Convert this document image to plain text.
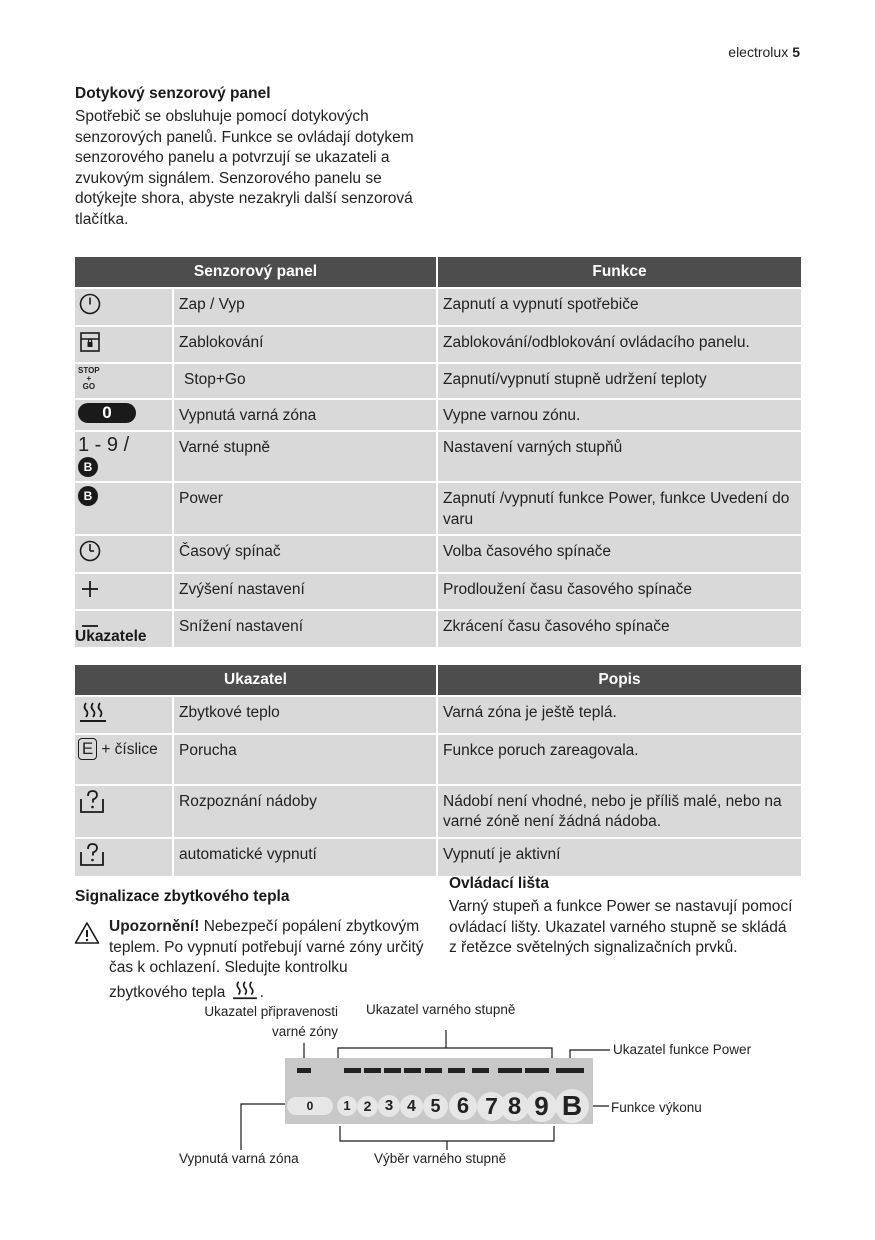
electrolux 5
Dotykový senzorový panel
Spotřebič se obsluhuje pomocí dotykových senzorových panelů. Funkce se ovládají dotykem senzorového panelu a potvrzují se ukazateli a zvukovým signálem. Senzorového panelu se dotýkejte shora, abyste nezakryli další senzorová tlačítka.
Senzorový panel		Funkce
	Zap / Vyp	Zapnutí a vypnutí spotřebiče
	Zablokování	Zablokování/odblokování ovládacího panelu.
STOP
+
GO	Stop+Go	Zapnutí/vypnutí stupně udržení teploty
0	Vypnutá varná zóna	Vypne varnou zónu.
1 - 9 /
B	Varné stupně	Nastavení varných stupňů
B	Power	Zapnutí /vypnutí funkce Power, funkce Uvedení do varu
	Časový spínač	Volba časového spínače
	Zvýšení nastavení	Prodloužení času časového spínače
	Snížení nastavení	Zkrácení času časového spínače
Ukazatele
Ukazatel		Popis
	Zbytkové teplo	Varná zóna je ještě teplá.
E + číslice	Porucha	Funkce poruch zareagovala.
	Rozpoznání nádoby	Nádobí není vhodné, nebo je příliš malé, nebo na varné zóně není žádná nádoba.
	automatické vypnutí	Vypnutí je aktivní
Signalizace zbytkového tepla
Upozornění! Nebezpečí popálení zbytkovým teplem. Po vypnutí potřebují varné zóny určitý čas k ochlazení. Sledujte kontrolku zbytkového tepla .
Ovládací lišta
Varný stupeň a funkce Power se nastavují pomocí ovládací lišty. Ukazatel varného stupně se skládá z řetězce světelných signalizačních prvků.
Ukazatel připravenosti varné zóny
Ukazatel varného stupně
Ukazatel funkce Power
Funkce výkonu
Vypnutá varná zóna	Výběr varného stupně
0	1 2 3 4 5 6 7 8 9 B
